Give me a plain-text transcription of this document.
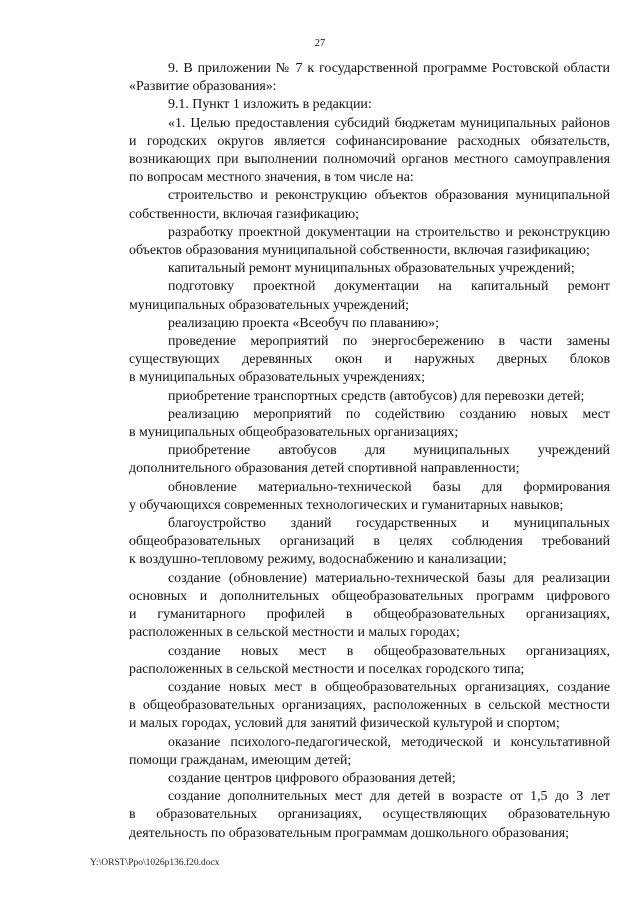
27
9. В приложении № 7 к государственной программе Ростовской области
«Развитие образования»:
9.1. Пункт 1 изложить в редакции:
«1. Целью предоставления субсидий бюджетам муниципальных районов
и городских округов является софинансирование расходных обязательств,
возникающих при выполнении полномочий органов местного самоуправления
по вопросам местного значения, в том числе на:
строительство и реконструкцию объектов образования муниципальной
собственности, включая газификацию;
разработку проектной документации на строительство и реконструкцию
объектов образования муниципальной собственности, включая газификацию;
капитальный ремонт муниципальных образовательных учреждений;
подготовку проектной документации на капитальный ремонт
муниципальных образовательных учреждений;
реализацию проекта «Всеобуч по плаванию»;
проведение мероприятий по энергосбережению в части замены
существующих деревянных окон и наружных дверных блоков
в муниципальных образовательных учреждениях;
приобретение транспортных средств (автобусов) для перевозки детей;
реализацию мероприятий по содействию созданию новых мест
в муниципальных общеобразовательных организациях;
приобретение автобусов для муниципальных учреждений
дополнительного образования детей спортивной направленности;
обновление материально-технической базы для формирования
у обучающихся современных технологических и гуманитарных навыков;
благоустройство зданий государственных и муниципальных
общеобразовательных организаций в целях соблюдения требований
к воздушно-тепловому режиму, водоснабжению и канализации;
создание (обновление) материально-технической базы для реализации
основных и дополнительных общеобразовательных программ цифрового
и гуманитарного профилей в общеобразовательных организациях,
расположенных в сельской местности и малых городах;
создание новых мест в общеобразовательных организациях,
расположенных в сельской местности и поселках городского типа;
создание новых мест в общеобразовательных организациях, создание
в общеобразовательных организациях, расположенных в сельской местности
и малых городах, условий для занятий физической культурой и спортом;
оказание психолого-педагогической, методической и консультативной
помощи гражданам, имеющим детей;
создание центров цифрового образования детей;
создание дополнительных мест для детей в возрасте от 1,5 до 3 лет
в образовательных организациях, осуществляющих образовательную
деятельность по образовательным программам дошкольного образования;
Y:\ORST\Ppo\1026p136.f20.docx
